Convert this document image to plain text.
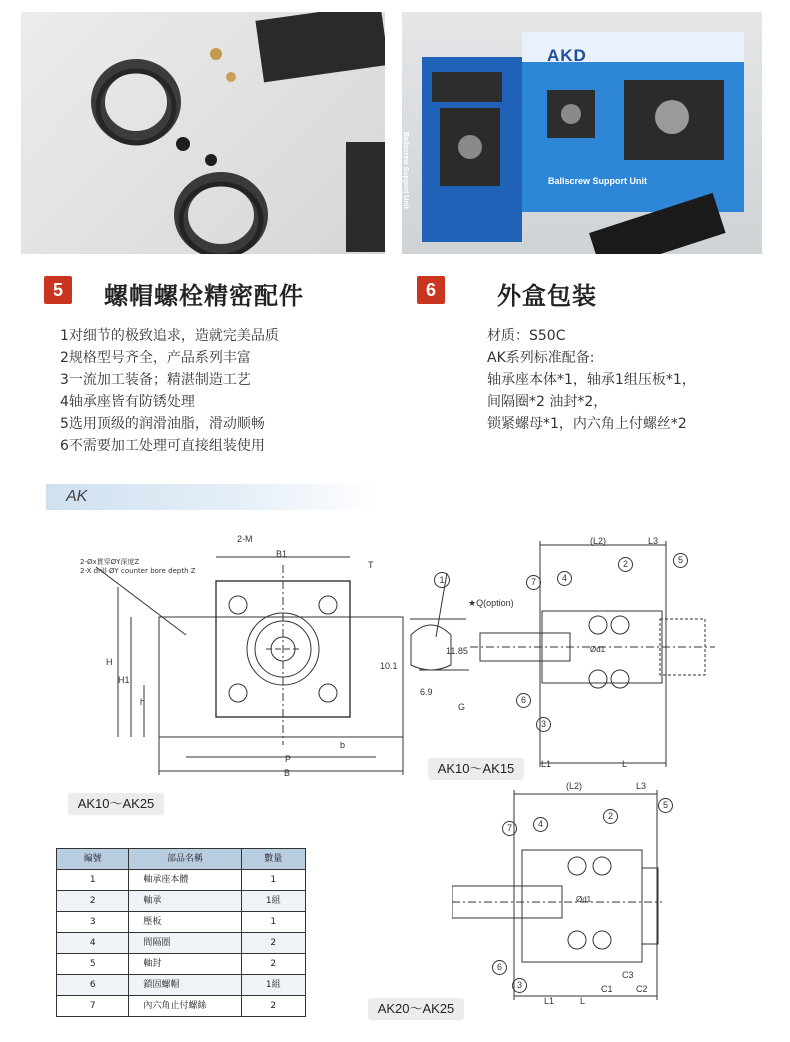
AKD
Ballscrew Support Unit
Ballscrew Support Unit
5	螺帽螺栓精密配件
1对细节的极致追求，造就完美品质
2规格型号齐全，产品系列丰富
3一流加工装备；精湛制造工艺
4轴承座皆有防锈处理
5选用顶级的润滑油脂，滑动顺畅
6不需要加工处理可直接组装使用
6	外盒包装
材质：S50C
AK系列标准配备:
轴承座本体*1，轴承1组压板*1，
间隔圈*2 油封*2，
锁紧螺母*1，内六角上付螺丝*2
AK
2-Øx貫穿ØY深度Z
2-X drill ØY counter bore depth Z
2-M
B1
T
H
H1
h
b
P
B
G
10.1
11.85
6.9
★Q(option)
1
AK10～AK25
(L2)	L3
L1	L
Ød1
7	4
2	5
6
3
AK10～AK15
(L2)	L3
Ød1
C3
C1	C2
L1	L
7	4
2
5
6
3
AK20～AK25
編號	部品名稱	數量
1	軸承座本體	1
2	軸承	1組
3	壓板	1
4	間隔圈	2
5	軸封	2
6	鎖固螺帽	1組
7	內六角止付螺絲	2
